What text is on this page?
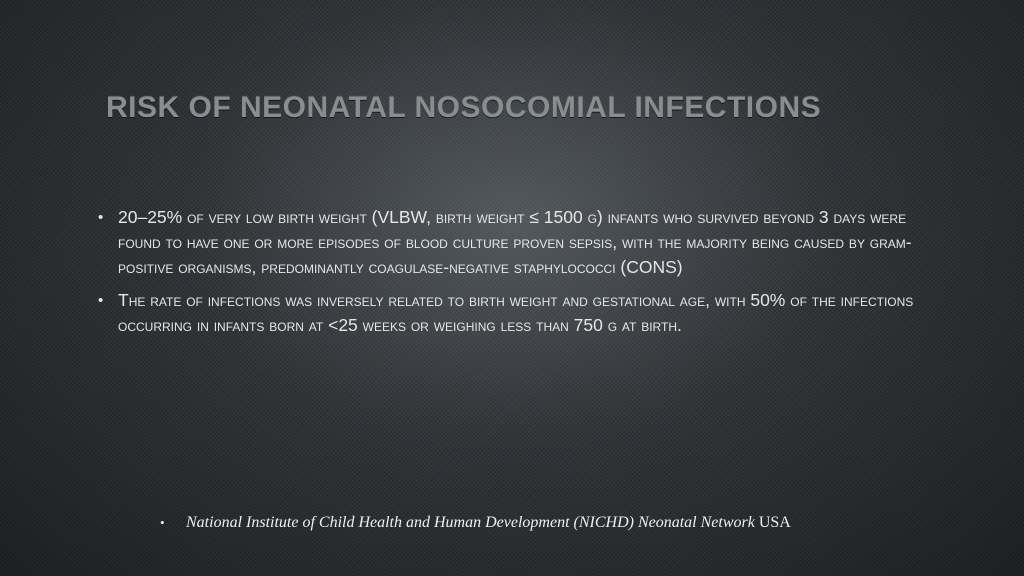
RISK OF NEONATAL NOSOCOMIAL INFECTIONS
• 20–25% of very low birth weight (VLBW, birth weight ≤ 1500 g) infants who survived beyond 3 days were found to have one or more episodes of blood culture proven sepsis, with the majority being caused by gram-positive organisms, predominantly coagulase-negative staphylococci (CONS)
• The rate of infections was inversely related to birth weight and gestational age, with 50% of the infections occurring in infants born at <25 weeks or weighing less than 750 g at birth.
• National Institute of Child Health and Human Development (NICHD) Neonatal Network USA
